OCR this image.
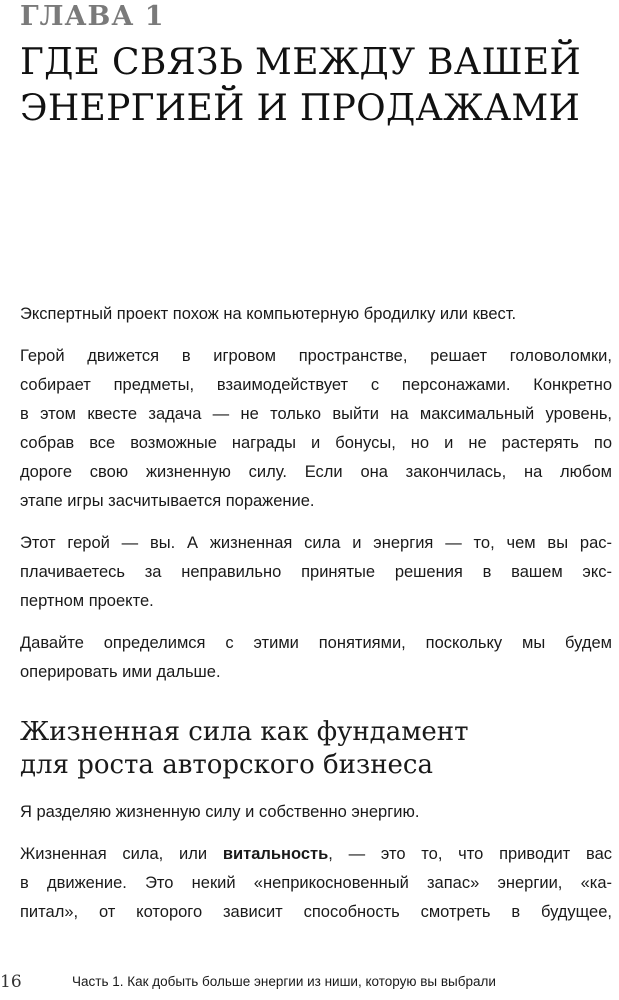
ГЛАВА 1
ГДЕ СВЯЗЬ МЕЖДУ ВАШЕЙ
ЭНЕРГИЕЙ И ПРОДАЖАМИ

Экспертный проект похож на компьютерную бродилку или квест.

Герой движется в игровом пространстве, решает головоломки,
собирает предметы, взаимодействует с персонажами. Конкретно
в этом квесте задача — не только выйти на максимальный уровень,
собрав все возможные награды и бонусы, но и не растерять по
дороге свою жизненную силу. Если она закончилась, на любом
этапе игры засчитывается поражение.

Этот герой — вы. А жизненная сила и энергия — то, чем вы рас-
плачиваетесь за неправильно принятые решения в вашем экс-
пертном проекте.

Давайте определимся с этими понятиями, поскольку мы будем
оперировать ими дальше.

Жизненная сила как фундамент
для роста авторского бизнеса

Я разделяю жизненную силу и собственно энергию.

Жизненная сила, или витальность, — это то, что приводит вас
в движение. Это некий «неприкосновенный запас» энергии, «ка-
питал», от которого зависит способность смотреть в будущее,

16	Часть 1. Как добыть больше энергии из ниши, которую вы выбрали
